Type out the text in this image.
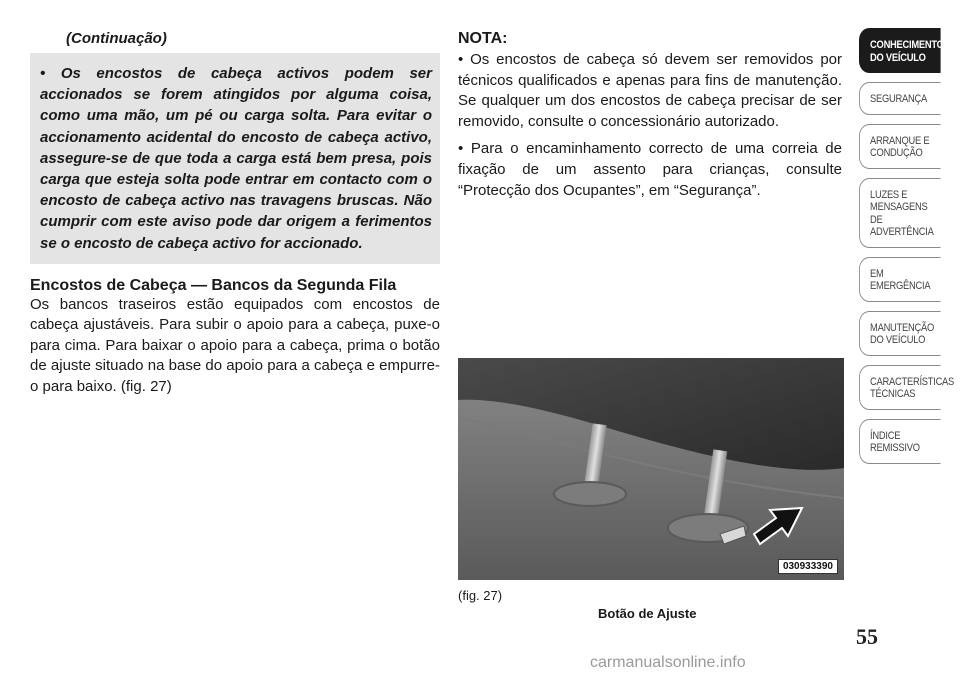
(Continuação)

• Os encostos de cabeça activos podem ser accionados se forem atingidos por alguma coisa, como uma mão, um pé ou carga solta. Para evitar o accionamento acidental do encosto de cabeça activo, assegure-se de que toda a carga está bem presa, pois carga que esteja solta pode entrar em contacto com o encosto de cabeça activo nas travagens bruscas. Não cumprir com este aviso pode dar origem a ferimentos se o encosto de cabeça activo for accionado.

Encostos de Cabeça — Bancos da Segunda Fila

Os bancos traseiros estão equipados com encostos de cabeça ajustáveis. Para subir o apoio para a cabeça, puxe-o para cima. Para baixar o apoio para a cabeça, prima o botão de ajuste situado na base do apoio para a cabeça e empurre-o para baixo. (fig. 27)

NOTA:

• Os encostos de cabeça só devem ser removidos por técnicos qualificados e apenas para fins de manutenção. Se qualquer um dos encostos de cabeça precisar de ser removido, consulte o concessionário autorizado.

• Para o encaminhamento correcto de uma correia de fixação de um assento para crianças, consulte “Protecção dos Ocupantes”, em “Segurança”.

030933390
(fig. 27)
Botão de Ajuste
CONHECIMENTO DO VEÍCULO
SEGURANÇA
ARRANQUE E CONDUÇÃO
LUZES E MENSAGENS DE ADVERTÊNCIA
EM EMERGÊNCIA
MANUTENÇÃO DO VEÍCULO
CARACTERÍSTICAS TÉCNICAS
ÍNDICE REMISSIVO
55
carmanualsonline.info
